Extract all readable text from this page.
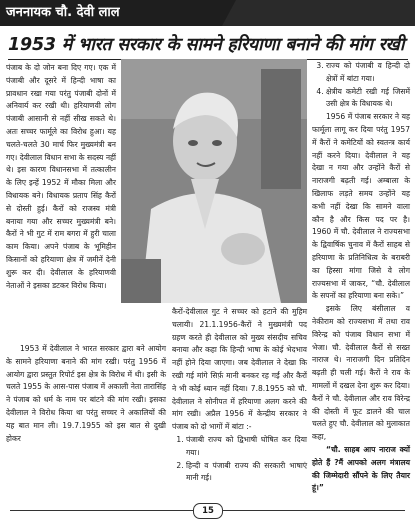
जननायक चौ. देवी लाल
1953 में भारत सरकार के सामने हरियाणा बनाने की मांग रखी

पंजाब के दो जोन बना दिए गए। एक में पंजाबी और दूसरे में हिन्दी भाषा का प्रावधान रखा गया परंतु पंजाबी दोनों में अनिवार्य कर रखी थी। हरियाणवी लोग पंजाबी आसानी से नहीं सीख सकते थे। अतः सच्चर फार्मूले का विरोध हुआ। यह चलते-चलते 30 मार्च फिर मुख्यमंत्री बन गए। देवीलाल विधान सभा के सदस्य नहीं थे। इस कारण विधानसभा में तत्कालीन के लिए इन्हें 1952 में मौका मिला और विधायक बने। विधायक प्रताप सिंह कैरों से दोस्ती हुई। कैरों को राजस्व मंत्री बनाया गया और सच्चर मुख्यमंत्री बने। कैरों ने भी गुट में राम बगरा में हुरी चाला काम किया। अपने पंजाब के भूमिहीन किसानों को हरियाणा क्षेत्र में जमीनें देनी शुरू कर दी। देवीलाल के हरियाणवी नेताओं ने इसका डटकर विरोध किया।

कैरों-देवीलाल गुट ने सच्चर को हटाने की मुहिम चलायी। 21.1.1956-कैरों ने मुख्यमंत्री पद ग्रहण करते ही देवीलाल को मुख्य संसदीय सचिव बनाया और कहा कि हिन्दी भाषा के कोई भेदभाव नहीं होने दिया जाएगा। जब देवीलाल ने देखा कि रखी गई मांगे सिर्फ़ मानी बनकर रह गईं और कैरों ने भी कोई ध्यान नहीं दिया। 7.8.1955 को चौ. देवीलाल ने सोनीपत में हरियाणा अलग करने की मांग रखी। अप्रैल 1956 में केन्द्रीय सरकार ने पंजाब को दो भागों में बांटा :-

1. पंजाबी राज्य को द्विभाषी घोषित कर दिया गया।
2. हिन्दी व पंजाबी राज्य की सरकारी भाषाएं मानी गई।

1953 में देवीलाल ने भारत सरकार द्वारा बने आयोग के सामने हरियाणा बनाने की मांग रखी। परंतु 1956 में आयोग द्वारा प्रस्तुत रिपोर्ट इस क्षेत्र के विरोध में थी। इसी के चलते 1955 के आस-पास पंजाब में अकाली नेता तारासिंह ने पंजाब को धर्म के नाम पर बांटने की मांग रखी। इसका देवीलाल ने विरोध किया था परंतु सच्चर ने अकालियों की यह बात मान ली। 19.7.1955 को इस बात से दुखी होकर

3. राज्य को पंजाबी व हिन्दी दो क्षेत्रों में बांटा गया।
4. क्षेत्रीय कमेटी रखी गई जिसमें उसी क्षेत्र के विधायक थे।

1956 में पंजाब सरकार ने यह फार्मूला लागू कर दिया परंतु 1957 में कैरों ने कमेटियों को स्वतन्त्र कार्य नहीं करने दिया। देवीलाल ने यह देखा न गया और उन्होंने कैरों से नाराजगी बढ़ती गई। अम्बाला के खिलाफ लड़ते समय उन्होंने यह कभी नहीं देखा कि सामने वाला कौन है और किस पद पर है। 1960 में चौ. देवीलाल ने राज्यसभा के द्विवार्षिक चुनाव में कैरों साहब से हरियाणा के प्रतिनिधित्व के बराबरी का हिस्सा मांगा जिसे वे लोग राज्यसभा में जाकर, “चौ. देवीलाल के सपनों का हरियाणा बना सके।”

इसके लिए बंसीलाल व नेकीराम को राज्यसभा में तथा राव विरेन्द्र को पंजाब विधान सभा में भेजा। चौ. देवीलाल कैरों से सख्त नाराज थे। नाराजगी दिन प्रतिदिन बढ़ती ही चली गई। कैरों ने राव के मामलों में दखल देना शुरू कर दिया। कैरों ने चौ. देवीलाल और राव विरेन्द्र की दोस्ती में फूट डालने की चाल चलते हुए चौ. देवीलाल को मुलाकात कहा,

“चौ. साहब आप नाराज क्यों होते हैं ?मैं आपको अलग मंत्रालय की जिम्मेदारी सौंपने के लिए तैयार हूं।”

15
